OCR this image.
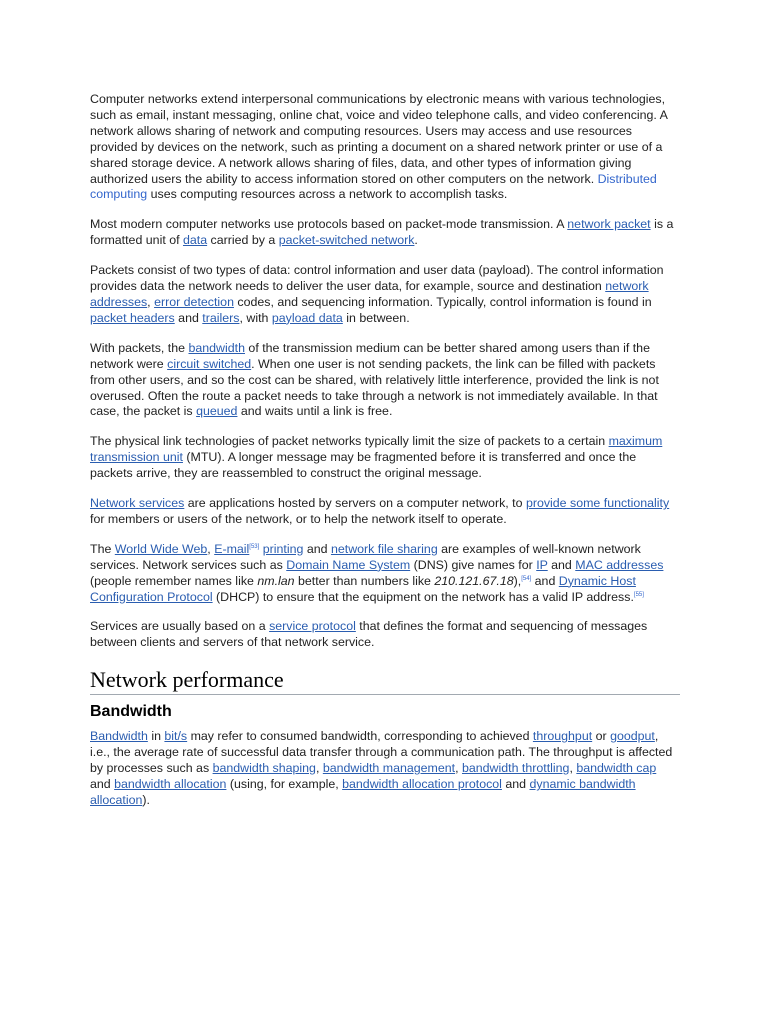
Computer networks extend interpersonal communications by electronic means with various technologies, such as email, instant messaging, online chat, voice and video telephone calls, and video conferencing. A network allows sharing of network and computing resources. Users may access and use resources provided by devices on the network, such as printing a document on a shared network printer or use of a shared storage device. A network allows sharing of files, data, and other types of information giving authorized users the ability to access information stored on other computers on the network. Distributed computing uses computing resources across a network to accomplish tasks.

Most modern computer networks use protocols based on packet-mode transmission. A network packet is a formatted unit of data carried by a packet-switched network.

Packets consist of two types of data: control information and user data (payload). The control information provides data the network needs to deliver the user data, for example, source and destination network addresses, error detection codes, and sequencing information. Typically, control information is found in packet headers and trailers, with payload data in between.

With packets, the bandwidth of the transmission medium can be better shared among users than if the network were circuit switched. When one user is not sending packets, the link can be filled with packets from other users, and so the cost can be shared, with relatively little interference, provided the link is not overused. Often the route a packet needs to take through a network is not immediately available. In that case, the packet is queued and waits until a link is free.

The physical link technologies of packet networks typically limit the size of packets to a certain maximum transmission unit (MTU). A longer message may be fragmented before it is transferred and once the packets arrive, they are reassembled to construct the original message.

Network services are applications hosted by servers on a computer network, to provide some functionality for members or users of the network, or to help the network itself to operate.

The World Wide Web, E-mail[53] printing and network file sharing are examples of well-known network services. Network services such as Domain Name System (DNS) give names for IP and MAC addresses (people remember names like nm.lan better than numbers like 210.121.67.18),[54] and Dynamic Host Configuration Protocol (DHCP) to ensure that the equipment on the network has a valid IP address.[55]

Services are usually based on a service protocol that defines the format and sequencing of messages between clients and servers of that network service.

Network performance
Bandwidth

Bandwidth in bit/s may refer to consumed bandwidth, corresponding to achieved throughput or goodput, i.e., the average rate of successful data transfer through a communication path. The throughput is affected by processes such as bandwidth shaping, bandwidth management, bandwidth throttling, bandwidth cap and bandwidth allocation (using, for example, bandwidth allocation protocol and dynamic bandwidth allocation).
